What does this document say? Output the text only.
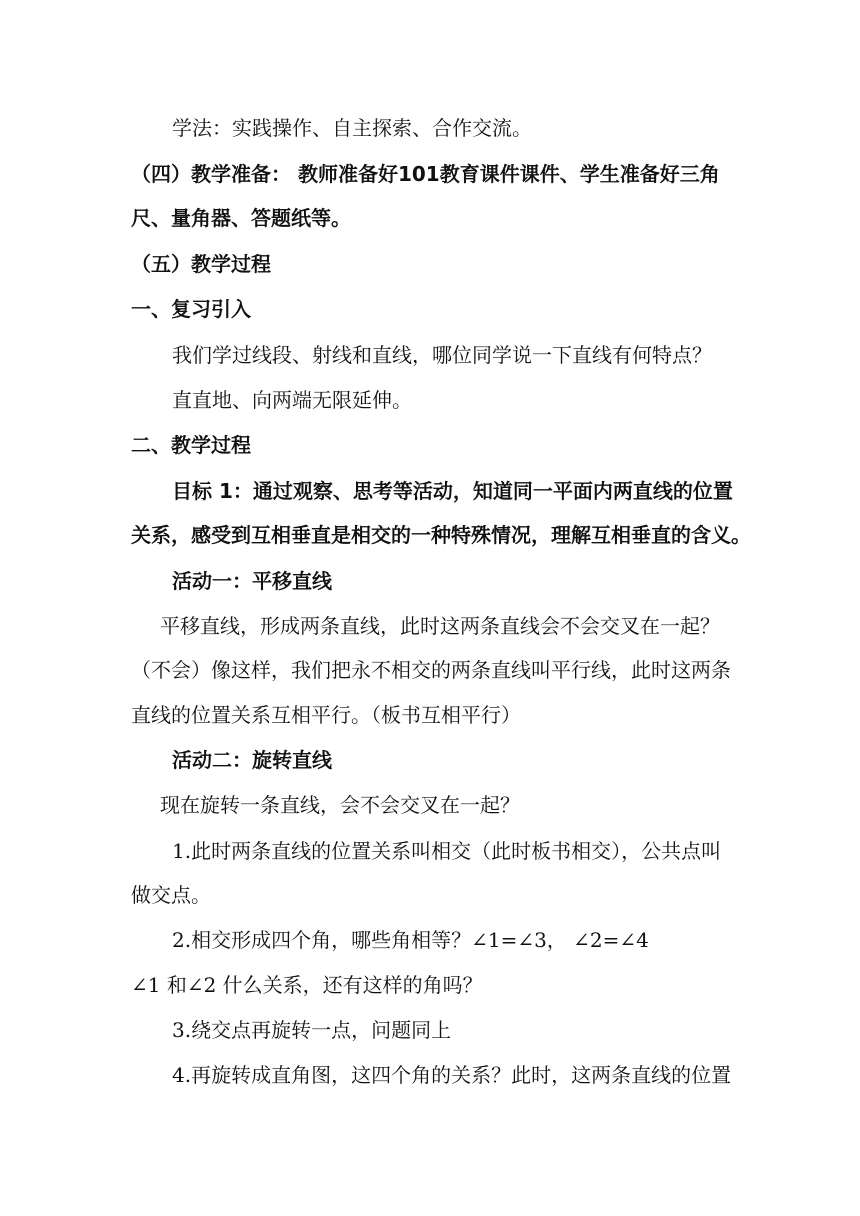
学法：实践操作、自主探索、合作交流。
（四）教学准备： 教师准备好101教育课件课件、学生准备好三角
尺、量角器、答题纸等。
（五）教学过程
一、复习引入
我们学过线段、射线和直线，哪位同学说一下直线有何特点？
直直地、向两端无限延伸。
二、教学过程
目标 1：通过观察、思考等活动，知道同一平面内两直线的位置
关系，感受到互相垂直是相交的一种特殊情况，理解互相垂直的含义。
活动一：平移直线
平移直线，形成两条直线，此时这两条直线会不会交叉在一起？
（不会）像这样，我们把永不相交的两条直线叫平行线，此时这两条
直线的位置关系互相平行。（板书互相平行）
活动二：旋转直线
现在旋转一条直线，会不会交叉在一起？
1.此时两条直线的位置关系叫相交（此时板书相交），公共点叫
做交点。
2.相交形成四个角，哪些角相等？∠1=∠3， ∠2=∠4
∠1 和∠2 什么关系，还有这样的角吗？
3.绕交点再旋转一点，问题同上
4.再旋转成直角图，这四个角的关系？此时，这两条直线的位置
